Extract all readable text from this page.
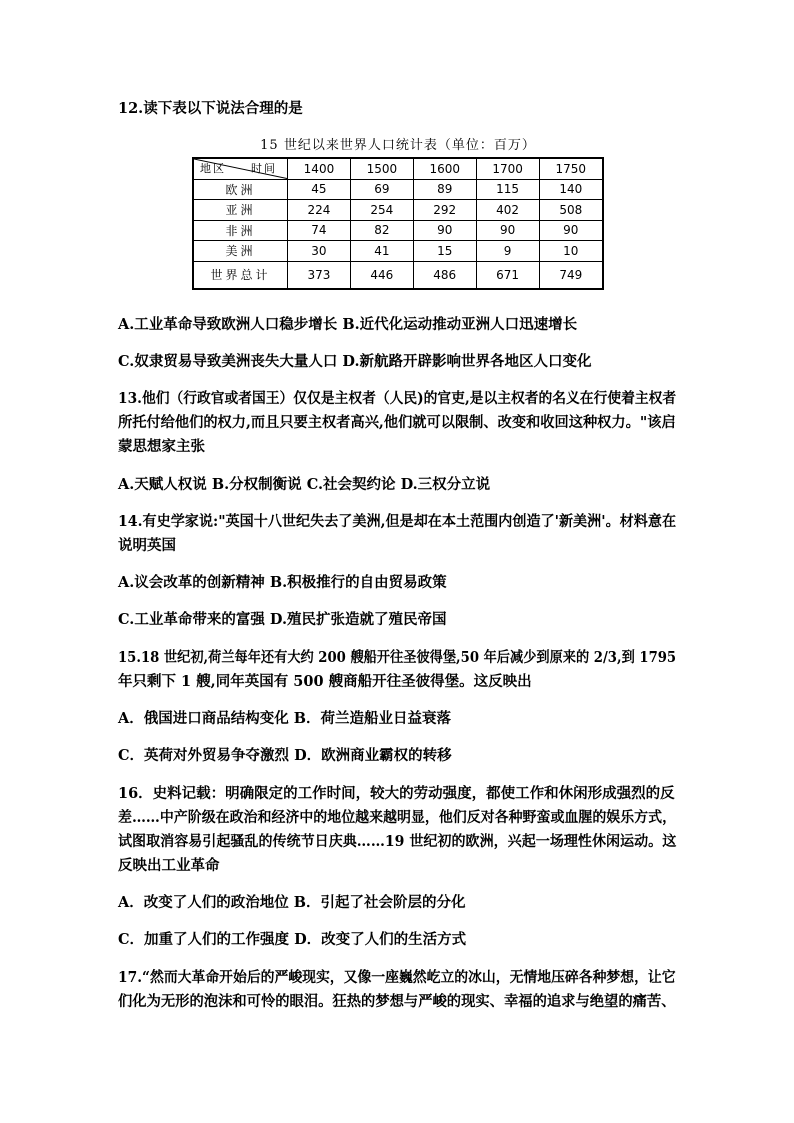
12.读下表以下说法合理的是
15 世纪以来世界人口统计表（单位：百万）
地区 时间	1400	1500	1600	1700	1750
欧洲	45	69	89	115	140
亚洲	224	254	292	402	508
非洲	74	82	90	90	90
美洲	30	41	15	9	10
世界总计	373	446	486	671	749
A.工业革命导致欧洲人口稳步增长 B.近代化运动推动亚洲人口迅速增长
C.奴隶贸易导致美洲丧失大量人口 D.新航路开辟影响世界各地区人口变化
13.他们（行政官或者国王）仅仅是主权者（人民)的官吏,是以主权者的名义在行使着主权者
所托付给他们的权力,而且只要主权者高兴,他们就可以限制、改变和收回这种权力。"该启
蒙思想家主张
A.天赋人权说 B.分权制衡说 C.社会契约论 D.三权分立说
14.有史学家说:"英国十八世纪失去了美洲,但是却在本土范围内创造了'新美洲'。材料意在
说明英国
A.议会改革的创新精神 B.积极推行的自由贸易政策
C.工业革命带来的富强 D.殖民扩张造就了殖民帝国
15.18 世纪初,荷兰每年还有大约 200 艘船开往圣彼得堡,50 年后减少到原来的 2/3,到 1795
年只剩下 1 艘,同年英国有 500 艘商船开往圣彼得堡。这反映出
A．俄国进口商品结构变化 B．荷兰造船业日益衰落
C．英荷对外贸易争夺激烈 D．欧洲商业霸权的转移
16．史料记载：明确限定的工作时间，较大的劳动强度，都使工作和休闲形成强烈的反
差……中产阶级在政治和经济中的地位越来越明显，他们反对各种野蛮或血腥的娱乐方式，
试图取消容易引起骚乱的传统节日庆典……19 世纪初的欧洲，兴起一场理性休闲运动。这
反映出工业革命
A．改变了人们的政治地位 B．引起了社会阶层的分化
C．加重了人们的工作强度 D．改变了人们的生活方式
17.“然而大革命开始后的严峻现实，又像一座巍然屹立的冰山，无情地压碎各种梦想，让它
们化为无形的泡沫和可怜的眼泪。狂热的梦想与严峻的现实、幸福的追求与绝望的痛苦、
